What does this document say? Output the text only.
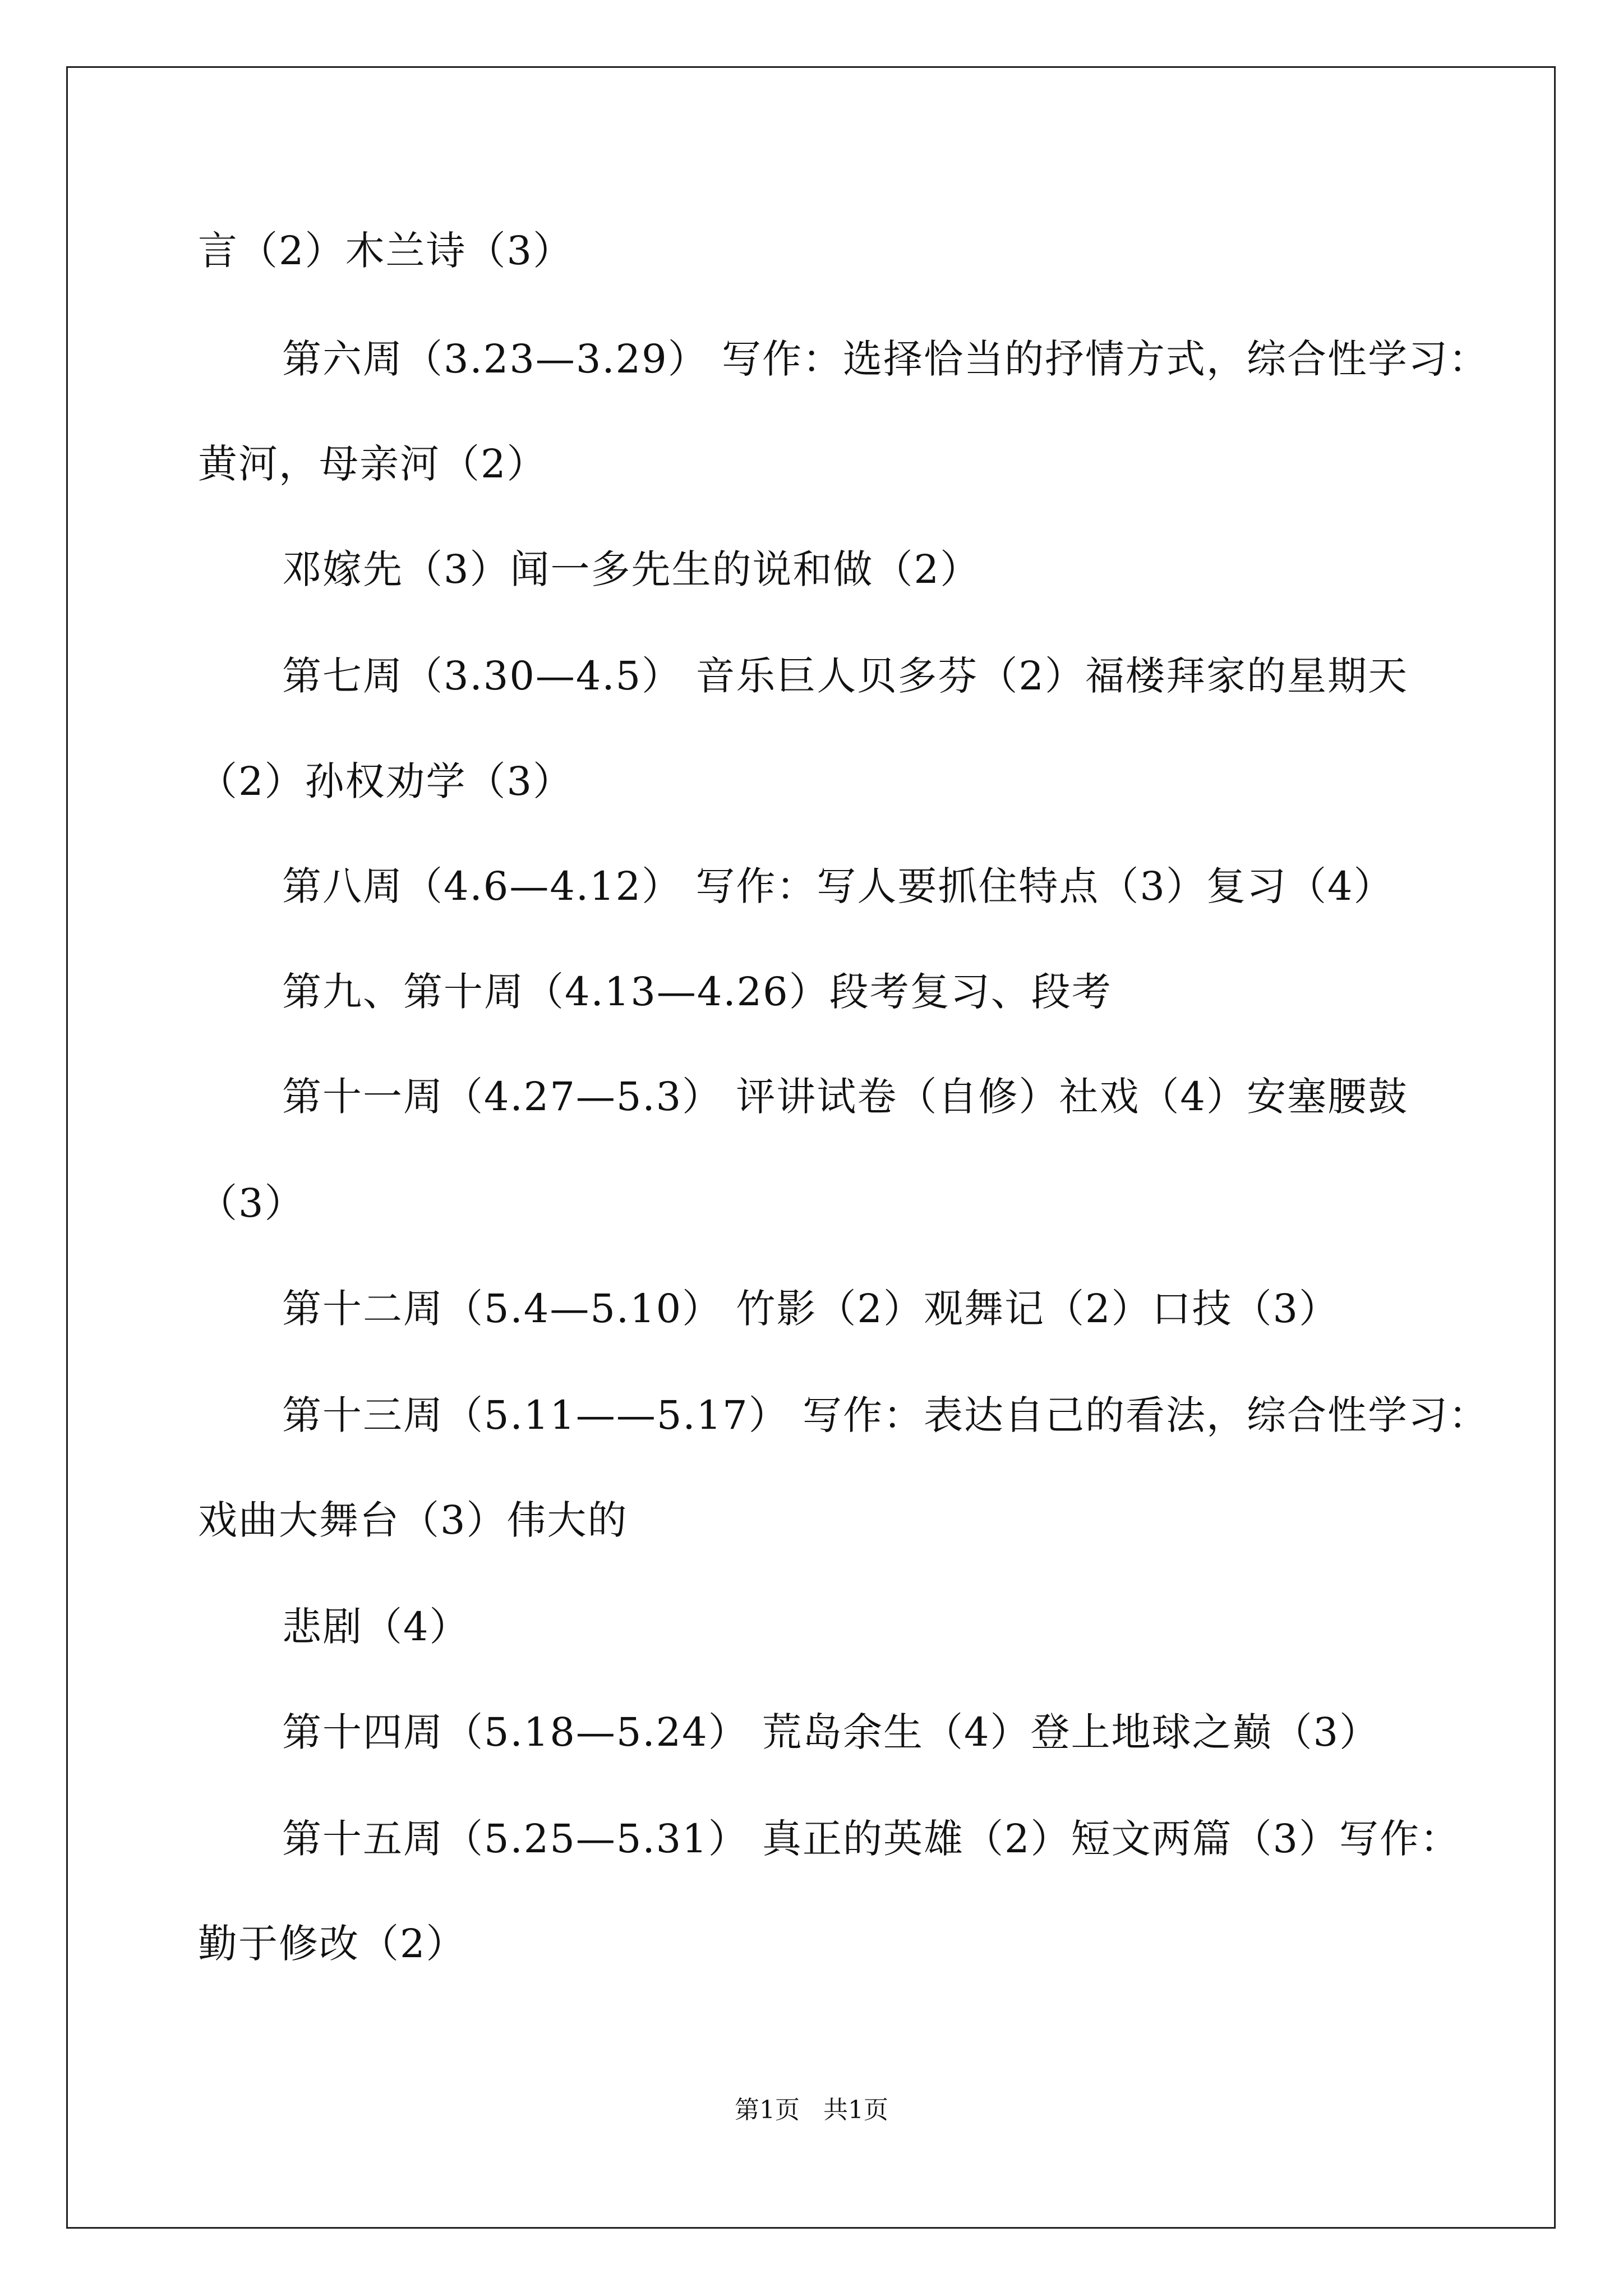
言（2）木兰诗（3）
第六周（3.23—3.29） 写作：选择恰当的抒情方式，综合性学习：
黄河，母亲河（2）
邓嫁先（3）闻一多先生的说和做（2）
第七周（3.30—4.5） 音乐巨人贝多芬（2）福楼拜家的星期天
（2）孙权劝学（3）
第八周（4.6—4.12） 写作：写人要抓住特点（3）复习（4）
第九、第十周（4.13—4.26）段考复习、段考
第十一周（4.27—5.3） 评讲试卷（自修）社戏（4）安塞腰鼓
（3）
第十二周（5.4—5.10） 竹影（2）观舞记（2）口技（3）
第十三周（5.11——5.17） 写作：表达自己的看法，综合性学习：
戏曲大舞台（3）伟大的
悲剧（4）
第十四周（5.18—5.24） 荒岛余生（4）登上地球之巅（3）
第十五周（5.25—5.31） 真正的英雄（2）短文两篇（3）写作：
勤于修改（2）
第1页   共1页
